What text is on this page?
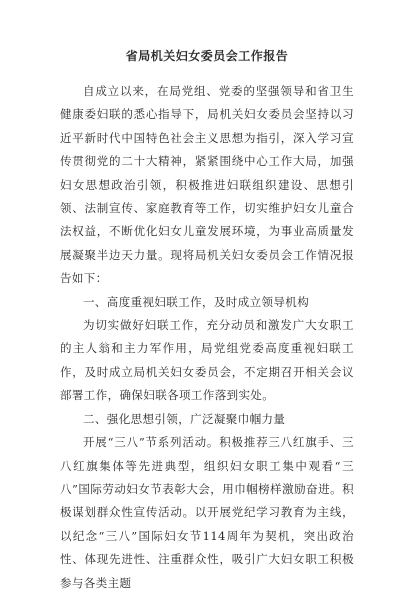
省局机关妇女委员会工作报告

自成立以来，在局党组、党委的坚强领导和省卫生健康委妇联的悉心指导下，局机关妇女委员会坚持以习近平新时代中国特色社会主义思想为指引，深入学习宣传贯彻党的二十大精神，紧紧围绕中心工作大局，加强妇女思想政治引领，积极推进妇联组织建设、思想引领、法制宣传、家庭教育等工作，切实维护妇女儿童合法权益，不断优化妇女儿童发展环境，为事业高质量发展凝聚半边天力量。现将局机关妇女委员会工作情况报告如下：

一、高度重视妇联工作，及时成立领导机构

为切实做好妇联工作，充分动员和激发广大女职工的主人翁和主力军作用，局党组党委高度重视妇联工作，及时成立局机关妇女委员会，不定期召开相关会议部署工作，确保妇联各项工作落到实处。

二、强化思想引领，广泛凝聚巾帼力量

开展“三八”节系列活动。积极推荐三八红旗手、三八红旗集体等先进典型，组织妇女职工集中观看“三八”国际劳动妇女节表彰大会，用巾帼榜样激励奋进。积极谋划群众性宣传活动。以开展党纪学习教育为主线，以纪念“三八”国际妇女节114周年为契机，突出政治性、体现先进性、注重群众性，吸引广大妇女职工积极参与各类主题
